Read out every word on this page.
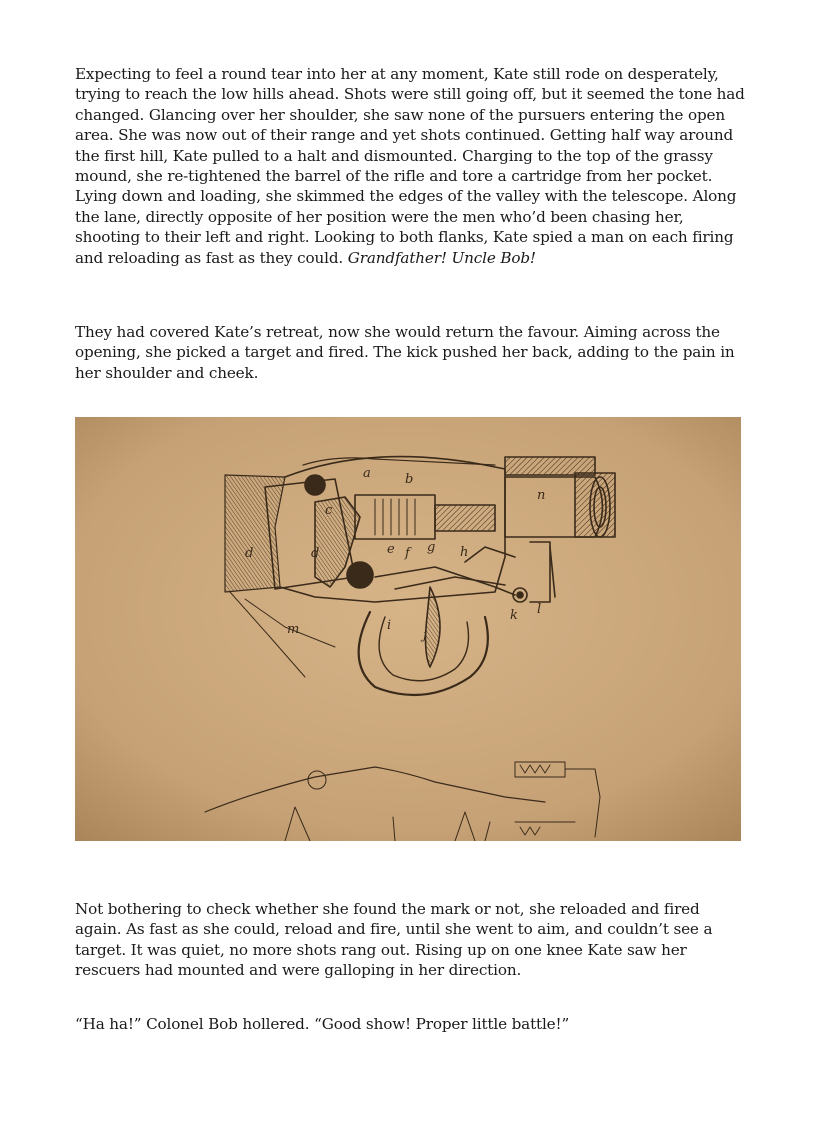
Expecting to feel a round tear into her at any moment, Kate still rode on desperately, trying to reach the low hills ahead. Shots were still going off, but it seemed the tone had changed. Glancing over her shoulder, she saw none of the pursuers entering the open area. She was now out of their range and yet shots continued. Getting half way around the first hill, Kate pulled to a halt and dismounted. Charging to the top of the grassy mound, she re-tightened the barrel of the rifle and tore a cartridge from her pocket. Lying down and loading, she skimmed the edges of the valley with the telescope. Along the lane, directly opposite of her position were the men who’d been chasing her, shooting to their left and right. Looking to both flanks, Kate spied a man on each firing and reloading as fast as they could. Grandfather! Uncle Bob!

They had covered Kate’s retreat, now she would return the favour. Aiming across the opening, she picked a target and fired. The kick pushed her back, adding to the pain in her shoulder and cheek.

a	b
c
d	d	e f g h
i
j
k l
m
n

Not bothering to check whether she found the mark or not, she reloaded and fired again. As fast as she could, reload and fire, until she went to aim, and couldn’t see a target. It was quiet, no more shots rang out. Rising up on one knee Kate saw her rescuers had mounted and were galloping in her direction.

“Ha ha!” Colonel Bob hollered. “Good show! Proper little battle!”
